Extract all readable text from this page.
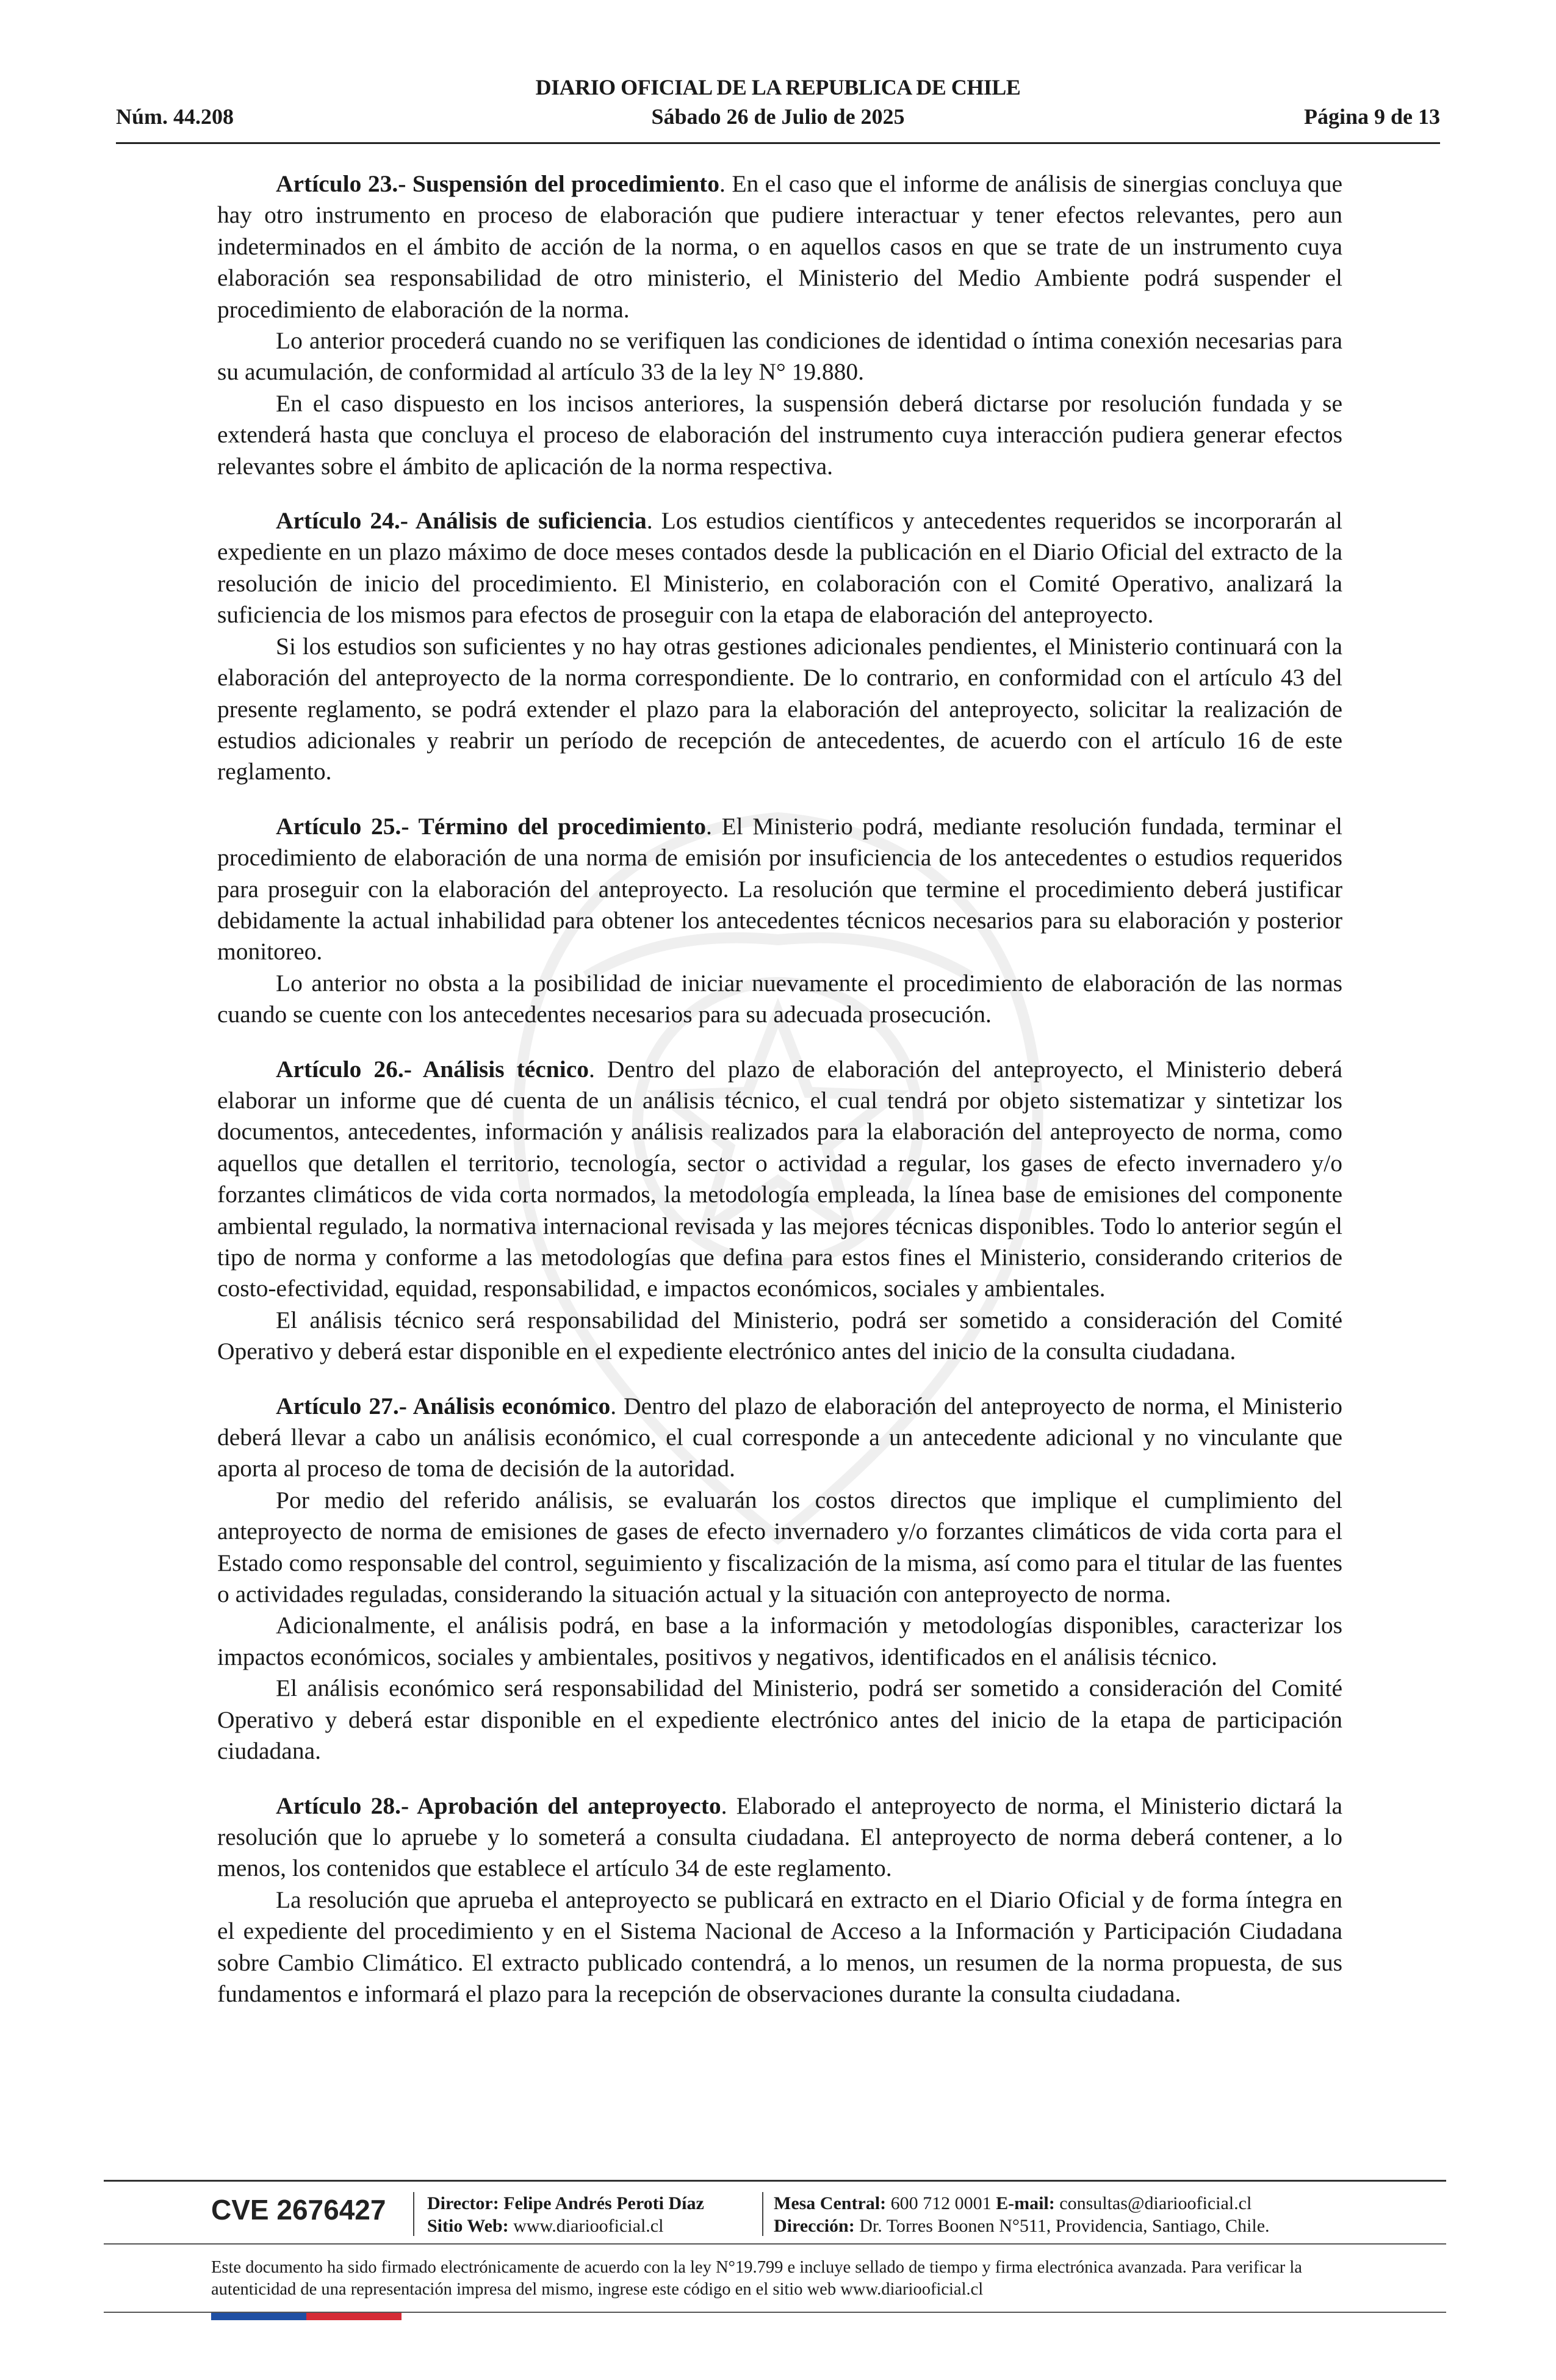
DIARIO OFICIAL DE LA REPUBLICA DE CHILE
Núm. 44.208	Sábado 26 de Julio de 2025	Página 9 de 13

Artículo 23.- Suspensión del procedimiento. En el caso que el informe de análisis de sinergias concluya que hay otro instrumento en proceso de elaboración que pudiere interactuar y tener efectos relevantes, pero aun indeterminados en el ámbito de acción de la norma, o en aquellos casos en que se trate de un instrumento cuya elaboración sea responsabilidad de otro ministerio, el Ministerio del Medio Ambiente podrá suspender el procedimiento de elaboración de la norma.

Lo anterior procederá cuando no se verifiquen las condiciones de identidad o íntima conexión necesarias para su acumulación, de conformidad al artículo 33 de la ley N° 19.880.

En el caso dispuesto en los incisos anteriores, la suspensión deberá dictarse por resolución fundada y se extenderá hasta que concluya el proceso de elaboración del instrumento cuya interacción pudiera generar efectos relevantes sobre el ámbito de aplicación de la norma respectiva.

Artículo 24.- Análisis de suficiencia. Los estudios científicos y antecedentes requeridos se incorporarán al expediente en un plazo máximo de doce meses contados desde la publicación en el Diario Oficial del extracto de la resolución de inicio del procedimiento. El Ministerio, en colaboración con el Comité Operativo, analizará la suficiencia de los mismos para efectos de proseguir con la etapa de elaboración del anteproyecto.

Si los estudios son suficientes y no hay otras gestiones adicionales pendientes, el Ministerio continuará con la elaboración del anteproyecto de la norma correspondiente. De lo contrario, en conformidad con el artículo 43 del presente reglamento, se podrá extender el plazo para la elaboración del anteproyecto, solicitar la realización de estudios adicionales y reabrir un período de recepción de antecedentes, de acuerdo con el artículo 16 de este reglamento.

Artículo 25.- Término del procedimiento. El Ministerio podrá, mediante resolución fundada, terminar el procedimiento de elaboración de una norma de emisión por insuficiencia de los antecedentes o estudios requeridos para proseguir con la elaboración del anteproyecto. La resolución que termine el procedimiento deberá justificar debidamente la actual inhabilidad para obtener los antecedentes técnicos necesarios para su elaboración y posterior monitoreo.

Lo anterior no obsta a la posibilidad de iniciar nuevamente el procedimiento de elaboración de las normas cuando se cuente con los antecedentes necesarios para su adecuada prosecución.

Artículo 26.- Análisis técnico. Dentro del plazo de elaboración del anteproyecto, el Ministerio deberá elaborar un informe que dé cuenta de un análisis técnico, el cual tendrá por objeto sistematizar y sintetizar los documentos, antecedentes, información y análisis realizados para la elaboración del anteproyecto de norma, como aquellos que detallen el territorio, tecnología, sector o actividad a regular, los gases de efecto invernadero y/o forzantes climáticos de vida corta normados, la metodología empleada, la línea base de emisiones del componente ambiental regulado, la normativa internacional revisada y las mejores técnicas disponibles. Todo lo anterior según el tipo de norma y conforme a las metodologías que defina para estos fines el Ministerio, considerando criterios de costo-efectividad, equidad, responsabilidad, e impactos económicos, sociales y ambientales.

El análisis técnico será responsabilidad del Ministerio, podrá ser sometido a consideración del Comité Operativo y deberá estar disponible en el expediente electrónico antes del inicio de la consulta ciudadana.

Artículo 27.- Análisis económico. Dentro del plazo de elaboración del anteproyecto de norma, el Ministerio deberá llevar a cabo un análisis económico, el cual corresponde a un antecedente adicional y no vinculante que aporta al proceso de toma de decisión de la autoridad.

Por medio del referido análisis, se evaluarán los costos directos que implique el cumplimiento del anteproyecto de norma de emisiones de gases de efecto invernadero y/o forzantes climáticos de vida corta para el Estado como responsable del control, seguimiento y fiscalización de la misma, así como para el titular de las fuentes o actividades reguladas, considerando la situación actual y la situación con anteproyecto de norma.

Adicionalmente, el análisis podrá, en base a la información y metodologías disponibles, caracterizar los impactos económicos, sociales y ambientales, positivos y negativos, identificados en el análisis técnico.

El análisis económico será responsabilidad del Ministerio, podrá ser sometido a consideración del Comité Operativo y deberá estar disponible en el expediente electrónico antes del inicio de la etapa de participación ciudadana.

Artículo 28.- Aprobación del anteproyecto. Elaborado el anteproyecto de norma, el Ministerio dictará la resolución que lo apruebe y lo someterá a consulta ciudadana. El anteproyecto de norma deberá contener, a lo menos, los contenidos que establece el artículo 34 de este reglamento.

La resolución que aprueba el anteproyecto se publicará en extracto en el Diario Oficial y de forma íntegra en el expediente del procedimiento y en el Sistema Nacional de Acceso a la Información y Participación Ciudadana sobre Cambio Climático. El extracto publicado contendrá, a lo menos, un resumen de la norma propuesta, de sus fundamentos e informará el plazo para la recepción de observaciones durante la consulta ciudadana.

CVE 2676427 Director: Felipe Andrés Peroti Díaz
Sitio Web: www.diariooficial.cl
Mesa Central: 600 712 0001 E-mail: consultas@diariooficial.cl
Dirección: Dr. Torres Boonen N°511, Providencia, Santiago, Chile.
Este documento ha sido firmado electrónicamente de acuerdo con la ley N°19.799 e incluye sellado de tiempo y firma electrónica avanzada. Para verificar la autenticidad de una representación impresa del mismo, ingrese este código en el sitio web www.diariooficial.cl
